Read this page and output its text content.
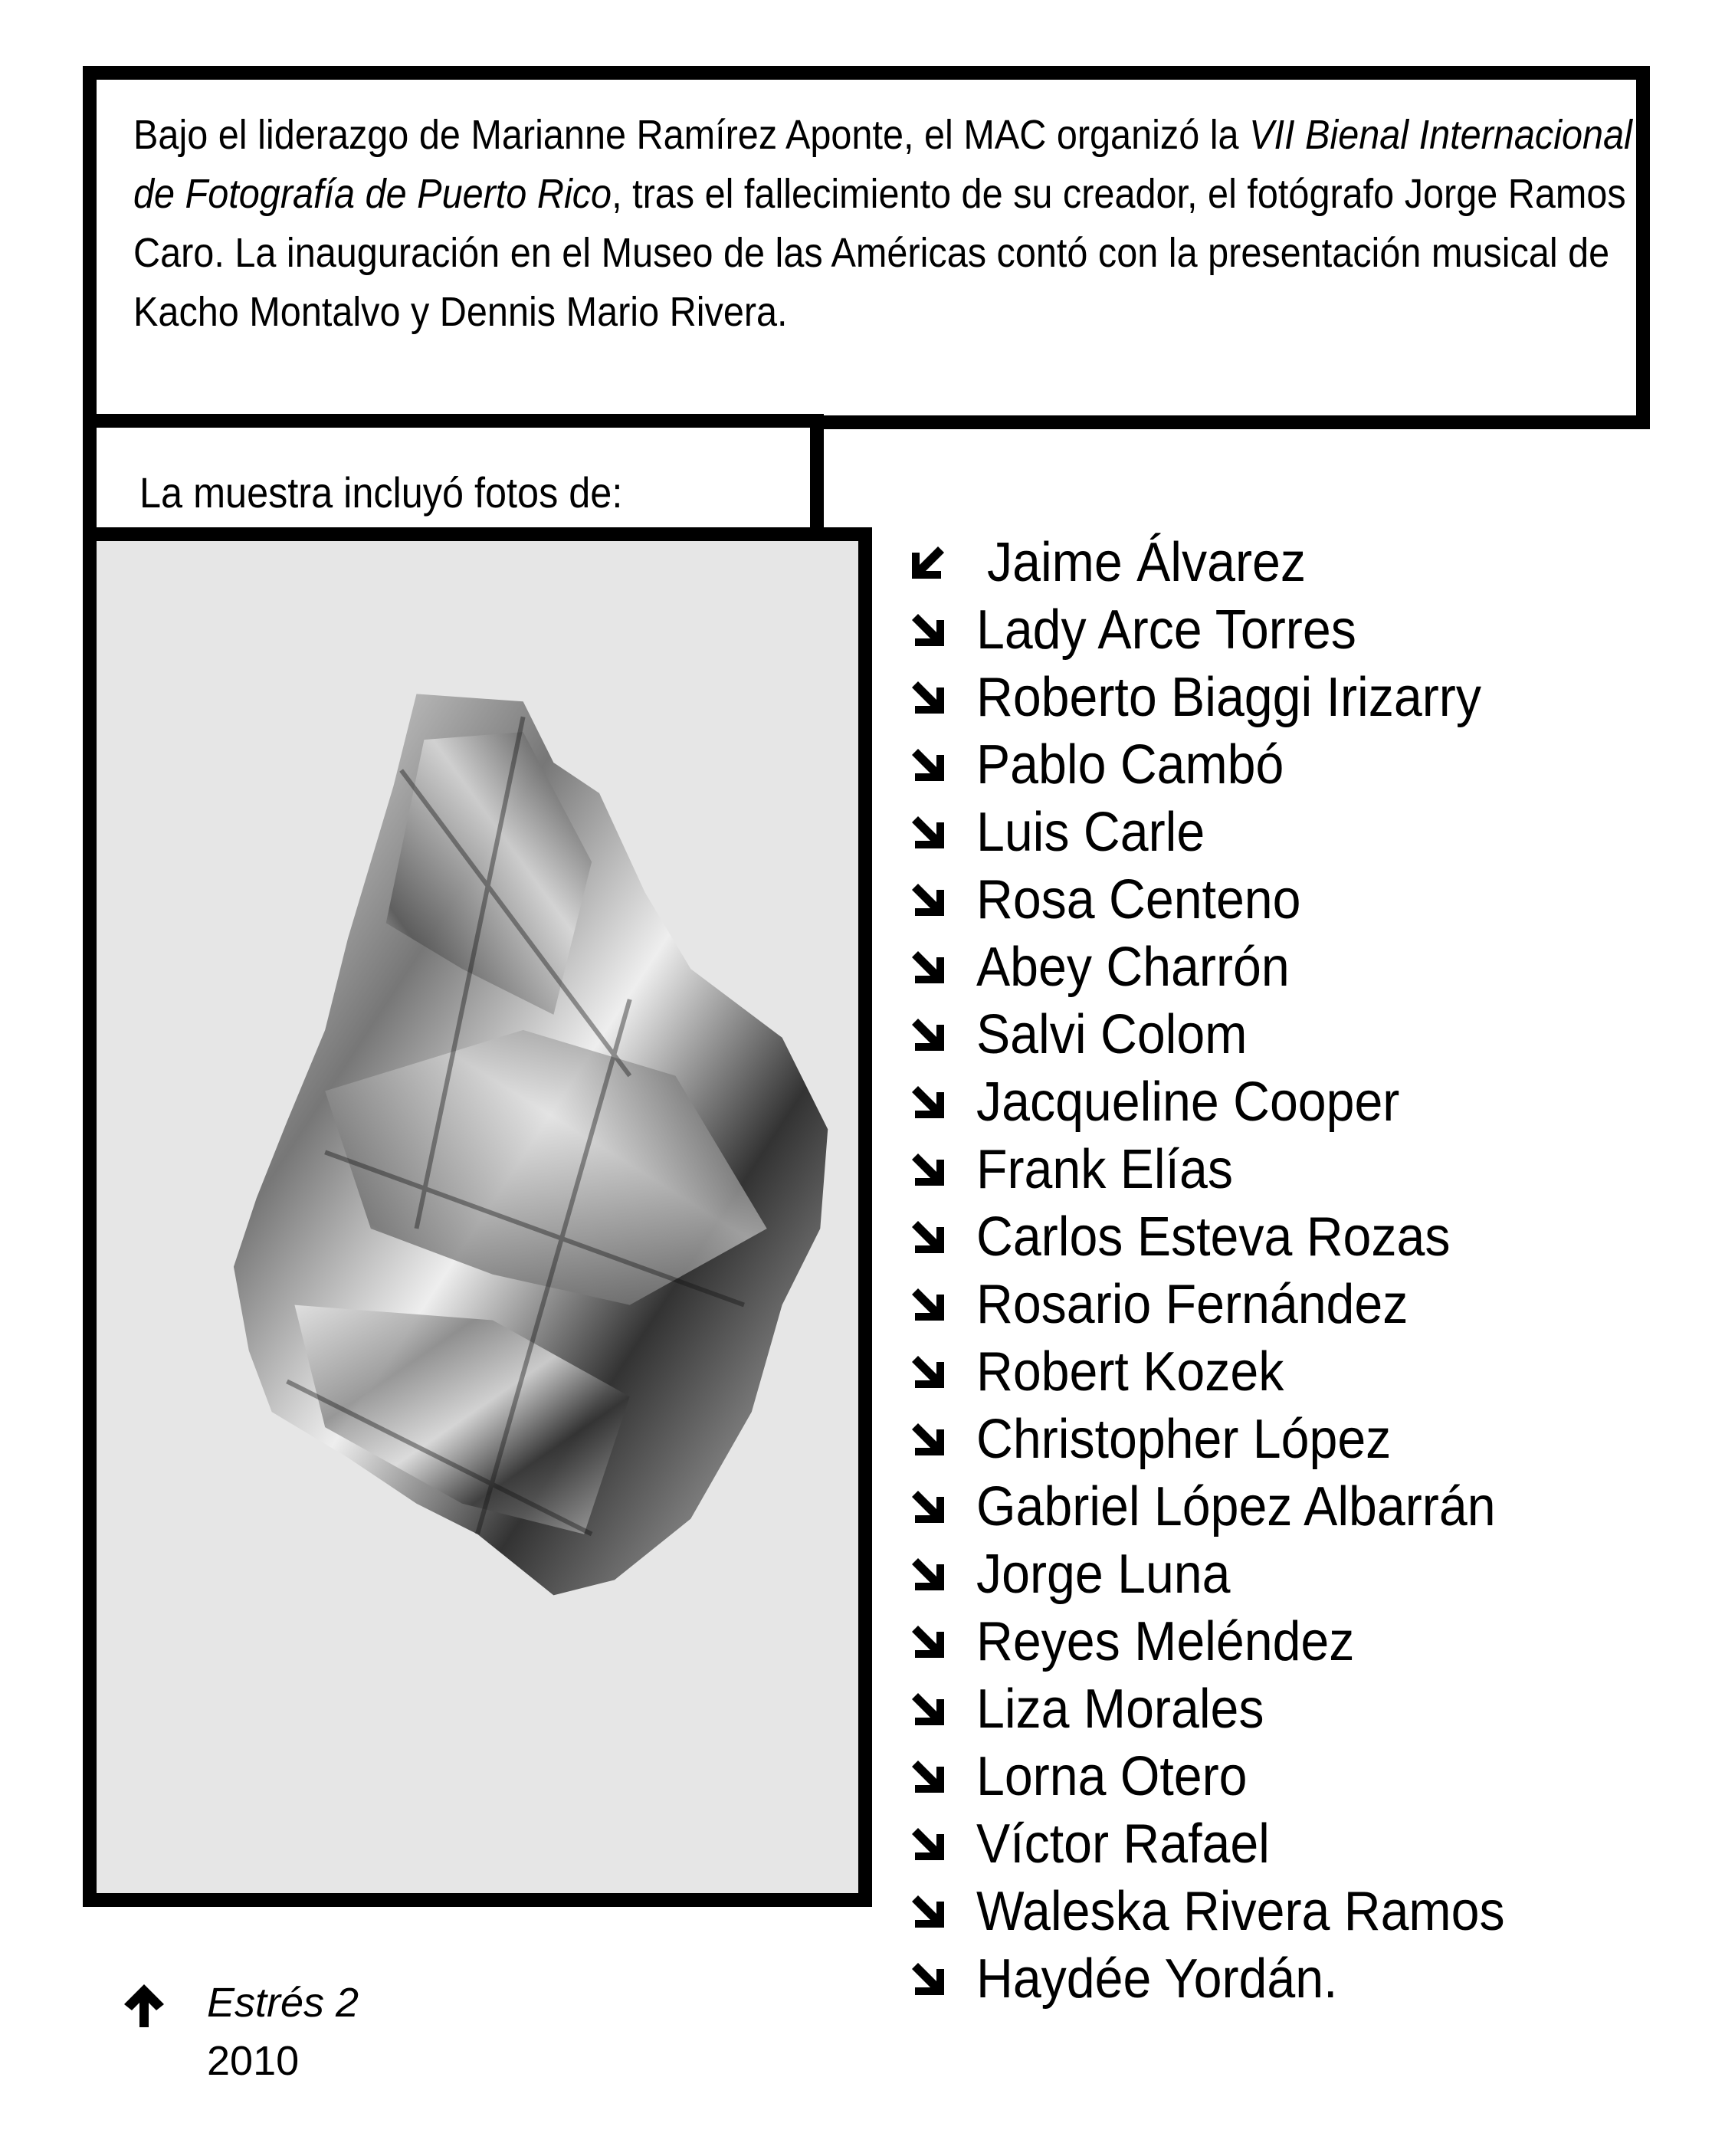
Bajo el liderazgo de Marianne Ramírez Aponte, el MAC organizó la VII Bienal Internacional de Fotografía de Puerto Rico, tras el fallecimiento de su creador, el fotógrafo Jorge Ramos Caro. La inauguración en el Museo de las Américas contó con la presentación musical de Kacho Montalvo y Dennis Mario Rivera.

La muestra incluyó fotos de:
Jaime Álvarez
Lady Arce Torres
Roberto Biaggi Irizarry
Pablo Cambó
Luis Carle
Rosa Centeno
Abey Charrón
Salvi Colom
Jacqueline Cooper
Frank Elías
Carlos Esteva Rozas
Rosario Fernández
Robert Kozek
Christopher López
Gabriel López Albarrán
Jorge Luna
Reyes Meléndez
Liza Morales
Lorna Otero
Víctor Rafael
Waleska Rivera Ramos
Haydée Yordán.
Estrés 2
2010
